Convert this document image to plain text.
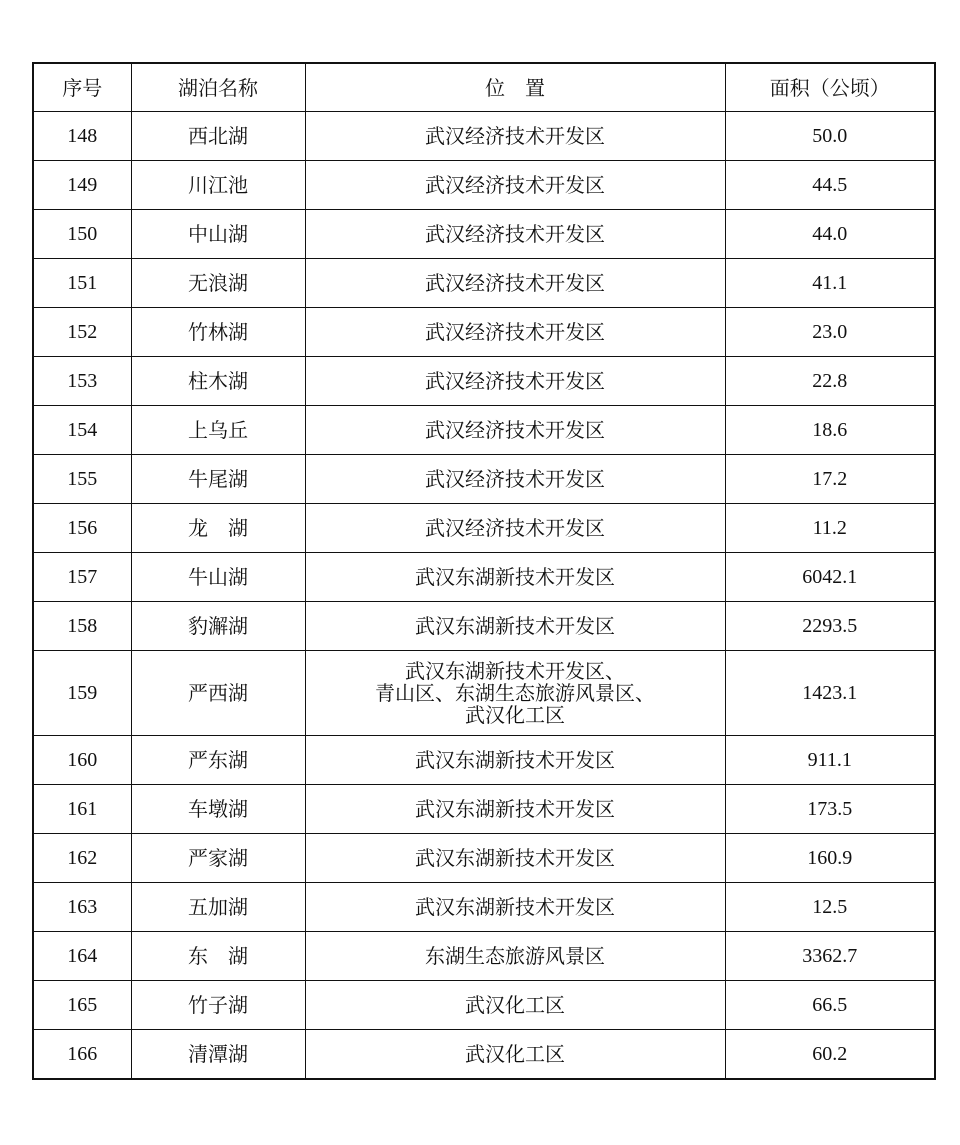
序号	湖泊名称	位　置	面积（公顷）
148	西北湖	武汉经济技术开发区	50.0
149	川江池	武汉经济技术开发区	44.5
150	中山湖	武汉经济技术开发区	44.0
151	无浪湖	武汉经济技术开发区	41.1
152	竹林湖	武汉经济技术开发区	23.0
153	柱木湖	武汉经济技术开发区	22.8
154	上乌丘	武汉经济技术开发区	18.6
155	牛尾湖	武汉经济技术开发区	17.2
156	龙　湖	武汉经济技术开发区	11.2
157	牛山湖	武汉东湖新技术开发区	6042.1
158	豹澥湖	武汉东湖新技术开发区	2293.5
159	严西湖	武汉东湖新技术开发区、
青山区、东湖生态旅游风景区、
武汉化工区	1423.1
160	严东湖	武汉东湖新技术开发区	911.1
161	车墩湖	武汉东湖新技术开发区	173.5
162	严家湖	武汉东湖新技术开发区	160.9
163	五加湖	武汉东湖新技术开发区	12.5
164	东　湖	东湖生态旅游风景区	3362.7
165	竹子湖	武汉化工区	66.5
166	清潭湖	武汉化工区	60.2
